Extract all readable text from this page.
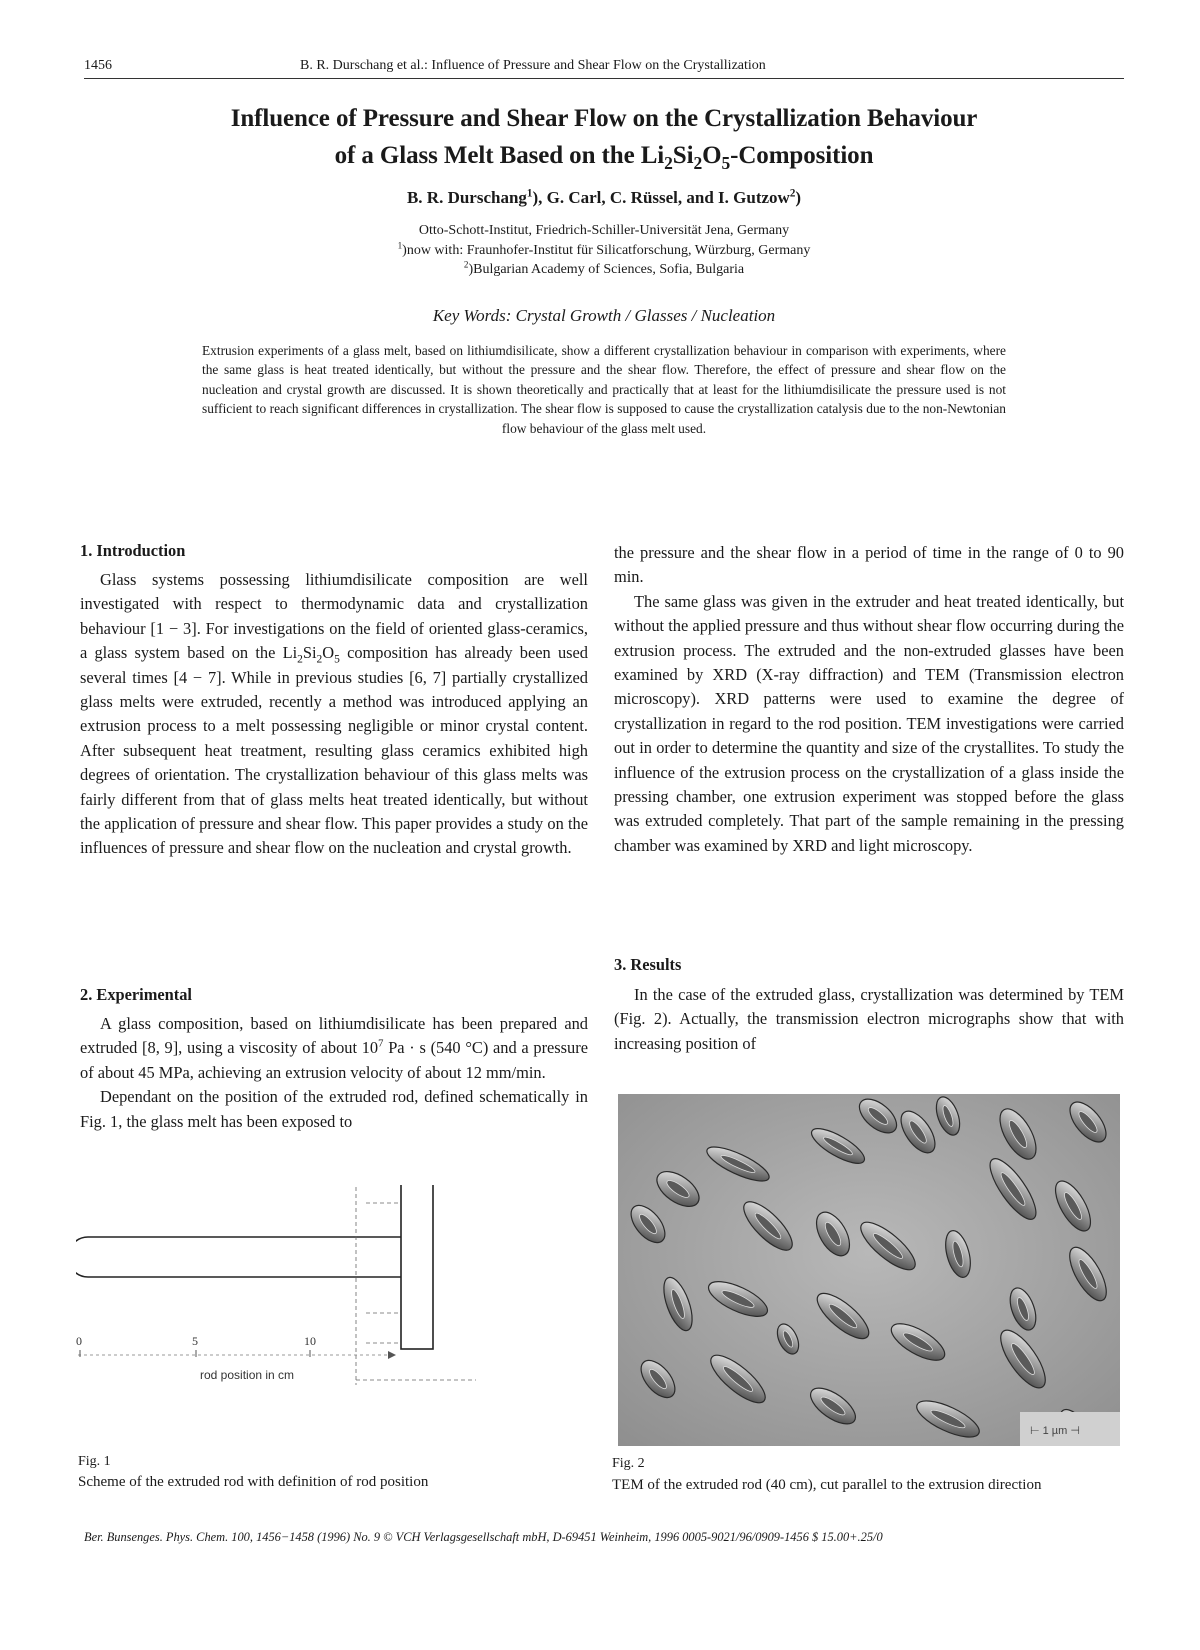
1456	B. R. Durschang et al.: Influence of Pressure and Shear Flow on the Crystallization
Influence of Pressure and Shear Flow on the Crystallization Behaviour
of a Glass Melt Based on the $Li_2Si_2O_5$-Composition
B. R. Durschang$^1$), G. Carl, C. Rüssel, and I. Gutzow$^2$)
Otto-Schott-Institut, Friedrich-Schiller-Universität Jena, Germany
$^1$)now with: Fraunhofer-Institut für Silicatforschung, Würzburg, Germany
$^2$)Bulgarian Academy of Sciences, Sofia, Bulgaria
Key Words: Crystal Growth / Glasses / Nucleation
Extrusion experiments of a glass melt, based on lithiumdisilicate, show a different crystallization behaviour in comparison with experiments, where the same glass is heat treated identically, but without the pressure and the shear flow. Therefore, the effect of pressure and shear flow on the nucleation and crystal growth are discussed. It is shown theoretically and practically that at least for the lithiumdisilicate the pressure used is not sufficient to reach significant differences in crystallization. The shear flow is supposed to cause the crystallization catalysis due to the non-Newtonian flow behaviour of the glass melt used.
1. Introduction

Glass systems possessing lithiumdisilicate composition are well investigated with respect to thermodynamic data and crystallization behaviour [1 − 3]. For investigations on the field of oriented glass-ceramics, a glass system based on the $Li_2Si_2O_5$ composition has already been used several times [4 − 7]. While in previous studies [6, 7] partially crystallized glass melts were extruded, recently a method was introduced applying an extrusion process to a melt possessing negligible or minor crystal content. After subsequent heat treatment, resulting glass ceramics exhibited high degrees of orientation. The crystallization behaviour of this glass melts was fairly different from that of glass melts heat treated identically, but without the application of pressure and shear flow. This paper provides a study on the influences of pressure and shear flow on the nucleation and crystal growth.

2. Experimental

A glass composition, based on lithiumdisilicate has been prepared and extruded [8, 9], using a viscosity of about $10^7$ Pa · s (540 °C) and a pressure of about 45 MPa, achieving an extrusion velocity of about 12 mm/min.

Dependant on the position of the extruded rod, defined schematically in Fig. 1, the glass melt has been exposed to

0	5	10
rod position in cm
Fig. 1
Scheme of the extruded rod with definition of rod position

the pressure and the shear flow in a period of time in the range of 0 to 90 min.

The same glass was given in the extruder and heat treated identically, but without the applied pressure and thus without shear flow occurring during the extrusion process. The extruded and the non-extruded glasses have been examined by XRD (X-ray diffraction) and TEM (Transmission electron microscopy). XRD patterns were used to examine the degree of crystallization in regard to the rod position. TEM investigations were carried out in order to determine the quantity and size of the crystallites. To study the influence of the extrusion process on the crystallization of a glass inside the pressing chamber, one extrusion experiment was stopped before the glass was extruded completely. That part of the sample remaining in the pressing chamber was examined by XRD and light microscopy.

3. Results

In the case of the extruded glass, crystallization was determined by TEM (Fig. 2). Actually, the transmission electron micrographs show that with increasing position of

⊢ 1 µm ⊣
Fig. 2
TEM of the extruded rod (40 cm), cut parallel to the extrusion direction
Ber. Bunsenges. Phys. Chem. 100, 1456−1458 (1996) No. 9 © VCH Verlagsgesellschaft mbH, D-69451 Weinheim, 1996 0005-9021/96/0909-1456 $ 15.00+.25/0
